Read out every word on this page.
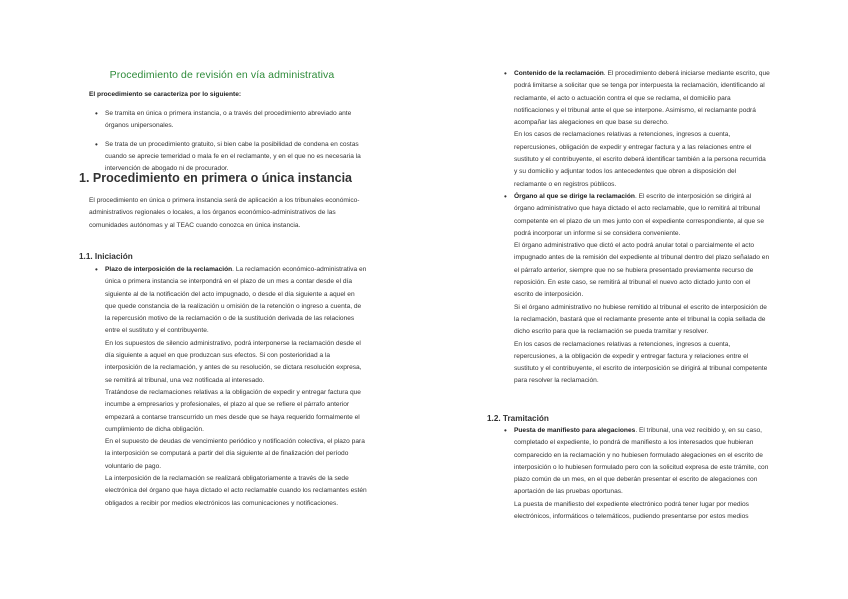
Procedimiento de revisión en vía administrativa

El procedimiento se caracteriza por lo siguiente:

• Se tramita en única o primera instancia, o a través del procedimiento abreviado ante órganos unipersonales.
• Se trata de un procedimiento gratuito, si bien cabe la posibilidad de condena en costas cuando se aprecie temeridad o mala fe en el reclamante, y en el que no es necesaria la intervención de abogado ni de procurador.
1. Procedimiento en primera o única instancia

El procedimiento en única o primera instancia será de aplicación a los tribunales económico-administrativos regionales o locales, a los órganos económico-administrativos de las comunidades autónomas y al TEAC cuando conozca en única instancia.

1.1. Iniciación
• Plazo de interposición de la reclamación. La reclamación económico-administrativa en única o primera instancia se interpondrá en el plazo de un mes a contar desde el día siguiente al de la notificación del acto impugnado, o desde el día siguiente a aquel en que quede constancia de la realización u omisión de la retención o ingreso a cuenta, de la repercusión motivo de la reclamación o de la sustitución derivada de las relaciones entre el sustituto y el contribuyente.
En los supuestos de silencio administrativo, podrá interponerse la reclamación desde el día siguiente a aquel en que produzcan sus efectos. Si con posterioridad a la interposición de la reclamación, y antes de su resolución, se dictara resolución expresa, se remitirá al tribunal, una vez notificada al interesado.
Tratándose de reclamaciones relativas a la obligación de expedir y entregar factura que incumbe a empresarios y profesionales, el plazo al que se refiere el párrafo anterior empezará a contarse transcurrido un mes desde que se haya requerido formalmente el cumplimiento de dicha obligación.
En el supuesto de deudas de vencimiento periódico y notificación colectiva, el plazo para la interposición se computará a partir del día siguiente al de finalización del período voluntario de pago.
La interposición de la reclamación se realizará obligatoriamente a través de la sede electrónica del órgano que haya dictado el acto reclamable cuando los reclamantes estén obligados a recibir por medios electrónicos las comunicaciones y notificaciones.
• Contenido de la reclamación. El procedimiento deberá iniciarse mediante escrito, que podrá limitarse a solicitar que se tenga por interpuesta la reclamación, identificando al reclamante, el acto o actuación contra el que se reclama, el domicilio para notificaciones y el tribunal ante el que se interpone. Asimismo, el reclamante podrá acompañar las alegaciones en que base su derecho.
En los casos de reclamaciones relativas a retenciones, ingresos a cuenta, repercusiones, obligación de expedir y entregar factura y a las relaciones entre el sustituto y el contribuyente, el escrito deberá identificar también a la persona recurrida y su domicilio y adjuntar todos los antecedentes que obren a disposición del reclamante o en registros públicos.
• Órgano al que se dirige la reclamación. El escrito de interposición se dirigirá al órgano administrativo que haya dictado el acto reclamable, que lo remitirá al tribunal competente en el plazo de un mes junto con el expediente correspondiente, al que se podrá incorporar un informe si se considera conveniente.
El órgano administrativo que dictó el acto podrá anular total o parcialmente el acto impugnado antes de la remisión del expediente al tribunal dentro del plazo señalado en el párrafo anterior, siempre que no se hubiera presentado previamente recurso de reposición. En este caso, se remitirá al tribunal el nuevo acto dictado junto con el escrito de interposición.
Si el órgano administrativo no hubiese remitido al tribunal el escrito de interposición de la reclamación, bastará que el reclamante presente ante el tribunal la copia sellada de dicho escrito para que la reclamación se pueda tramitar y resolver.
En los casos de reclamaciones relativas a retenciones, ingresos a cuenta, repercusiones, a la obligación de expedir y entregar factura y relaciones entre el sustituto y el contribuyente, el escrito de interposición se dirigirá al tribunal competente para resolver la reclamación.
1.2. Tramitación
• Puesta de manifiesto para alegaciones. El tribunal, una vez recibido y, en su caso, completado el expediente, lo pondrá de manifiesto a los interesados que hubieran comparecido en la reclamación y no hubiesen formulado alegaciones en el escrito de interposición o lo hubiesen formulado pero con la solicitud expresa de este trámite, con plazo común de un mes, en el que deberán presentar el escrito de alegaciones con aportación de las pruebas oportunas.
La puesta de manifiesto del expediente electrónico podrá tener lugar por medios electrónicos, informáticos o telemáticos, pudiendo presentarse por estos medios
